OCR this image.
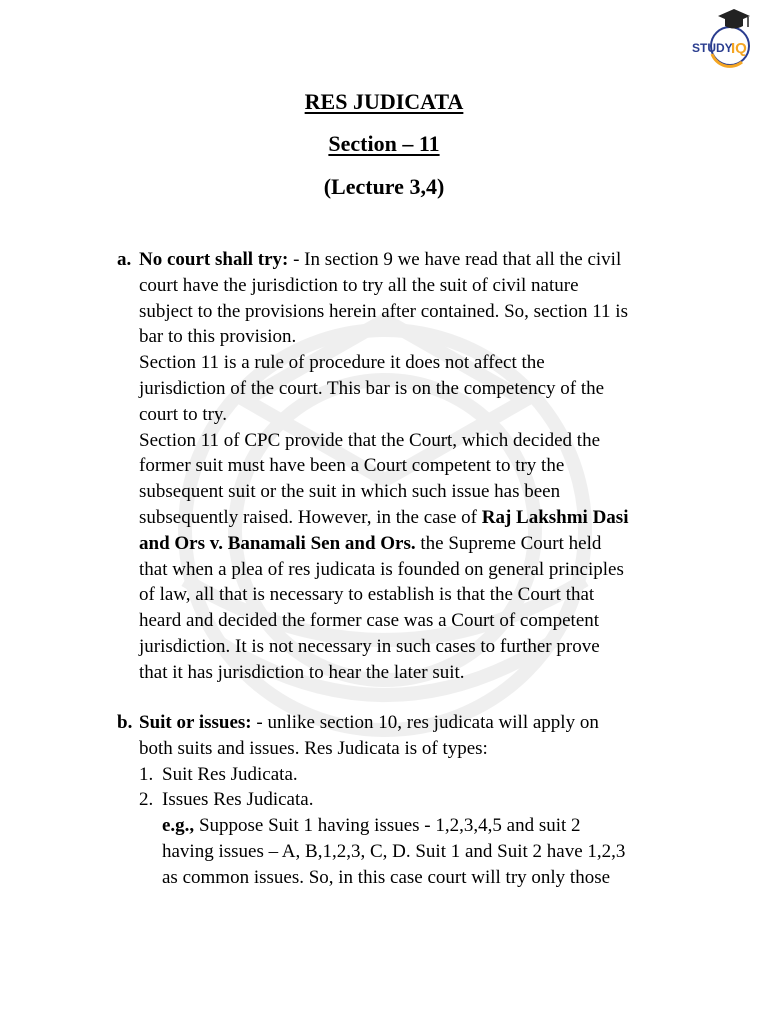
STUDY
IQ
RES JUDICATA
Section – 11
(Lecture 3,4)
a. No court shall try: - In section 9 we have read that all the civil
court have the jurisdiction to try all the suit of civil nature
subject to the provisions herein after contained. So, section 11 is
bar to this provision.
Section 11 is a rule of procedure it does not affect the
jurisdiction of the court. This bar is on the competency of the
court to try.
Section 11 of CPC provide that the Court, which decided the
former suit must have been a Court competent to try the
subsequent suit or the suit in which such issue has been
subsequently raised. However, in the case of Raj Lakshmi Dasi
and Ors v. Banamali Sen and Ors. the Supreme Court held
that when a plea of res judicata is founded on general principles
of law, all that is necessary to establish is that the Court that
heard and decided the former case was a Court of competent
jurisdiction. It is not necessary in such cases to further prove
that it has jurisdiction to hear the later suit.
b. Suit or issues: - unlike section 10, res judicata will apply on
both suits and issues. Res Judicata is of types:
1. Suit Res Judicata.
2. Issues Res Judicata.
e.g., Suppose Suit 1 having issues - 1,2,3,4,5 and suit 2
having issues – A, B,1,2,3, C, D. Suit 1 and Suit 2 have 1,2,3
as common issues. So, in this case court will try only those
